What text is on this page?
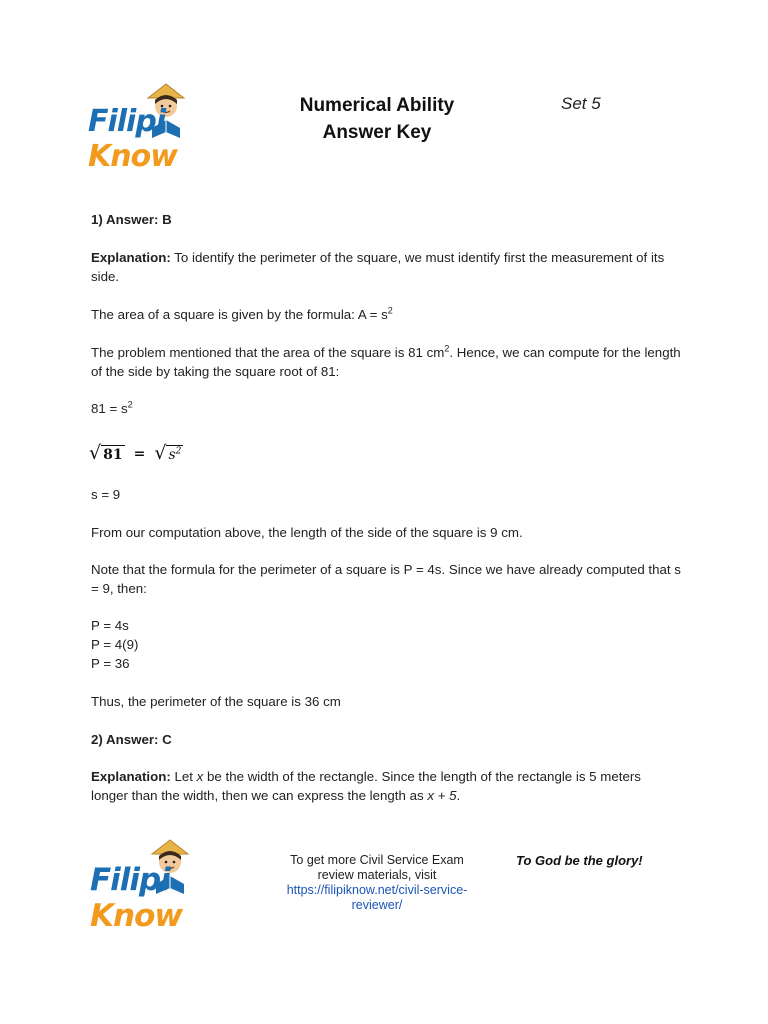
FilipiKnow
Numerical Ability
Answer Key
Set 5
1) Answer: B
Explanation: To identify the perimeter of the square, we must identify first the measurement of its side.
The area of a square is given by the formula: $A = s^2$
The problem mentioned that the area of the square is 81 $cm^2$. Hence, we can compute for the length of the side by taking the square root of 81:
$81 = s^2$
√ 81 = √ $s^2$
s = 9
From our computation above, the length of the side of the square is 9 cm.
Note that the formula for the perimeter of a square is P = 4s. Since we have already computed that s = 9, then:
P = 4s
P = 4(9)
P = 36
Thus, the perimeter of the square is 36 cm
2) Answer: C
Explanation: Let x be the width of the rectangle. Since the length of the rectangle is 5 meters longer than the width, then we can express the length as x + 5.
FilipiKnow
To get more Civil Service Exam
review materials, visit
https://filipiknow.net/civil-service-
reviewer/
To God be the glory!
